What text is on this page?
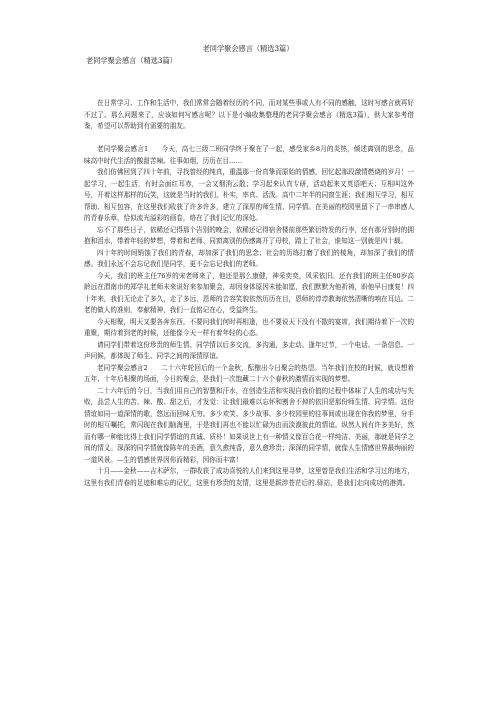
老同学聚会感言（精选3篇）
老同学聚会感言（精选3篇）

在日常学习、工作和生活中，我们常常会随着经历的不同，而对某些事或人有不同的感触，这时写感言就再好不过了。那么问题来了，应该如何写感言呢？以下是小编收集整理的老同学聚会感言（精选3篇），供大家参考借鉴，希望可以帮助到有需要的朋友。

老同学聚会感言1　　今天，高七三级二班同学终于聚在了一起，感受家乡8月的炎热，倾述离别的思念，品味高中时代生活的酸甜苦辣。往事如烟，历历在目……

我们仿佛回到了四十年前，寻找曾经的纯真，重温那一份真挚而原始的情感，回忆起那段激情燃烧的岁月！一起学习，一起生活，有时会面红耳赤，一会又烟消云散；学习起来认真专研，活动起来又英语吧天；互相叫这外号，开着这样那样的玩笑，这就是当时的我们，朴实，率真、活泼。高中二年半的同窗生涯；我们相互学习，相互帮助、相互包容，在这里我们收获了许多许多，建立了深厚的师生情、同学情。在美丽的校园里留下了一串串感人的青春乐章，恰似流光溢彩的画卷，烙在了我们记忆的深处。

忘不了那些日子，依稀还记得那个告别的晚会，依稀还记得宿舍楼前那些繁衍特发的行李，还有那分别时的拥抱和泪水，带着年轻的梦想，带着和老师、同窗离别的伤感离开了母校，踏上了社会，谁知这一别就是四十载。

四十年的时间销蚀了我们的青春，却加深了我们的思念；社会的历练打磨了我们的棱角，却加深了我们的情感。我们永远不会忘记我们是同学，更不会忘记我们的老师。

今天，我们的班主任76岁的宋老师来了，他还是那么康健，神采奕奕，风采依旧。还有我们的班主任80岁高龄远在渭南市的郑学礼老师未来说好来参加聚会，却因身体原因未能如愿，我们默默为他祈祷，盼他早日康复！四十年来，我们无论走了多久，走了多远，恩师的音容笑貌依然历历在目，恩师的谆谆教诲依然清晰的响在耳边。二老的做人的准则，奉献精神，我们一直铭记在心，受益终生。

今天相聚，明天又要各奔东西，不要问我们何时再相逢，也不要说天下没有不散的宴席，我们期待着下一次的重聚，期待着到老的时候，还能像今天一样有着年轻的心态。

请同学们带着这份珍贵的师生情、同学情以后多交流，多沟通，多走动。逢年过节，一个电话、一条信息、一声问候，都体现了师生、同学之间的深情厚谊。

老同学聚会感言2　　二十六年轮回后的一个金秋，酝酿出今日聚会的热望。当年我们在校的时候，就设想着五年、十年后相聚的场面，今日的聚会，是我们一次饱藏二十六个春秋的激情而实现的梦想。

二十六年后的今日，当我们用自己的智慧和汗水，在创造生活和实现自我价值的过程中体味了人生的成功与失败，品尝人生的苦、辣、酸、甜之后，才发觉：让我们最难以忘怀和割舍不掉的依旧是那份师生情、同学情。这份情谊如同一道深情的歌，悠远而回味无穷。多少欢笑、多少故事、多少校园里的往事间或出现在你我的梦里，分手时的相互嘱托，常闪现在我们脑海里，于是我们再也不能以忙碌为由而淡漠彼此的情谊。纵然人间有许多美好，然而有哪一种能比得上我们同学情谊的真诚、质朴！如果说世上有一种情义像百合花一样纯洁、美丽，那就是同学之间的情义。深深的同学情就像陈年的美酒，意久愈纯香，意久愈珍贵；深深的同学情，就像人生情感世界最绚丽的一道风景。—生的情感世界因你而精彩，因你而丰富！

十月——金秋——吉木萨尔，一群收获了成功喜悦的人们来到这里寻梦，这里曾是我们生活和学习过的地方，这里有我们青春的足迹和难忘的记忆，这里有珍贵的友情，这里是跋涉苍茫后的.驿站，是我们走向成功的港湾。
